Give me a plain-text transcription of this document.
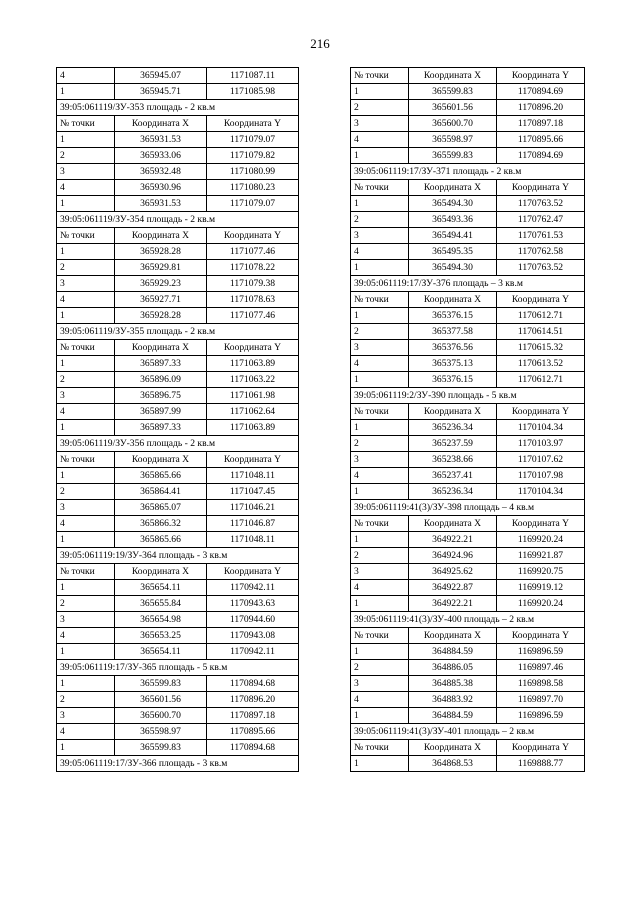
216
4	365945.07	1171087.11
1	365945.71	1171085.98
39:05:061119/ЗУ-353 площадь - 2 кв.м		
№ точки	Координата X	Координата Y
1	365931.53	1171079.07
2	365933.06	1171079.82
3	365932.48	1171080.99
4	365930.96	1171080.23
1	365931.53	1171079.07
39:05:061119/ЗУ-354 площадь - 2 кв.м		
№ точки	Координата X	Координата Y
1	365928.28	1171077.46
2	365929.81	1171078.22
3	365929.23	1171079.38
4	365927.71	1171078.63
1	365928.28	1171077.46
39:05:061119/ЗУ-355 площадь - 2 кв.м		
№ точки	Координата X	Координата Y
1	365897.33	1171063.89
2	365896.09	1171063.22
3	365896.75	1171061.98
4	365897.99	1171062.64
1	365897.33	1171063.89
39:05:061119/ЗУ-356 площадь - 2 кв.м		
№ точки	Координата X	Координата Y
1	365865.66	1171048.11
2	365864.41	1171047.45
3	365865.07	1171046.21
4	365866.32	1171046.87
1	365865.66	1171048.11
39:05:061119:19/ЗУ-364 площадь - 3 кв.м		
№ точки	Координата X	Координата Y
1	365654.11	1170942.11
2	365655.84	1170943.63
3	365654.98	1170944.60
4	365653.25	1170943.08
1	365654.11	1170942.11
39:05:061119:17/ЗУ-365 площадь - 5 кв.м		
1	365599.83	1170894.68
2	365601.56	1170896.20
3	365600.70	1170897.18
4	365598.97	1170895.66
1	365599.83	1170894.68
39:05:061119:17/ЗУ-366 площадь - 3 кв.м		
№ точки	Координата X	Координата Y
1	365599.83	1170894.69
2	365601.56	1170896.20
3	365600.70	1170897.18
4	365598.97	1170895.66
1	365599.83	1170894.69
39:05:061119:17/ЗУ-371 площадь - 2 кв.м		
№ точки	Координата X	Координата Y
1	365494.30	1170763.52
2	365493.36	1170762.47
3	365494.41	1170761.53
4	365495.35	1170762.58
1	365494.30	1170763.52
39:05:061119:17/ЗУ-376 площадь – 3 кв.м		
№ точки	Координата X	Координата Y
1	365376.15	1170612.71
2	365377.58	1170614.51
3	365376.56	1170615.32
4	365375.13	1170613.52
1	365376.15	1170612.71
39:05:061119:2/ЗУ-390 площадь - 5 кв.м		
№ точки	Координата X	Координата Y
1	365236.34	1170104.34
2	365237.59	1170103.97
3	365238.66	1170107.62
4	365237.41	1170107.98
1	365236.34	1170104.34
39:05:061119:41(3)/ЗУ-398 площадь – 4 кв.м		
№ точки	Координата X	Координата Y
1	364922.21	1169920.24
2	364924.96	1169921.87
3	364925.62	1169920.75
4	364922.87	1169919.12
1	364922.21	1169920.24
39:05:061119:41(3)/ЗУ-400 площадь – 2 кв.м		
№ точки	Координата X	Координата Y
1	364884.59	1169896.59
2	364886.05	1169897.46
3	364885.38	1169898.58
4	364883.92	1169897.70
1	364884.59	1169896.59
39:05:061119:41(3)/ЗУ-401 площадь – 2 кв.м		
№ точки	Координата X	Координата Y
1	364868.53	1169888.77
